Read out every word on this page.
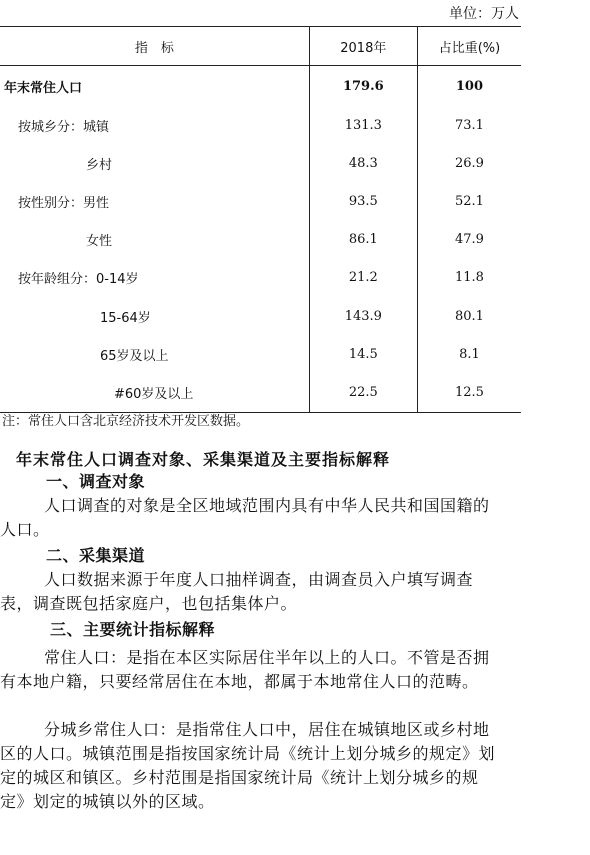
单位：万人
指　标	2018年	占比重(%)
年末常住人口	179.6	100
按城乡分：城镇	131.3	73.1
乡村	48.3	26.9
按性别分：男性	93.5	52.1
女性	86.1	47.9
按年龄组分：0-14岁	21.2	11.8
15-64岁	143.9	80.1
65岁及以上	14.5	8.1
#60岁及以上	22.5	12.5
注：常住人口含北京经济技术开发区数据。
年末常住人口调查对象、采集渠道及主要指标解释
一、调查对象
人口调查的对象是全区地域范围内具有中华人民共和国国籍的人口。
二、采集渠道
人口数据来源于年度人口抽样调查，由调查员入户填写调查表，调查既包括家庭户，也包括集体户。
三、主要统计指标解释
常住人口：是指在本区实际居住半年以上的人口。不管是否拥有本地户籍，只要经常居住在本地，都属于本地常住人口的范畴。
分城乡常住人口：是指常住人口中，居住在城镇地区或乡村地区的人口。城镇范围是指按国家统计局《统计上划分城乡的规定》划定的城区和镇区。乡村范围是指国家统计局《统计上划分城乡的规定》划定的城镇以外的区域。
